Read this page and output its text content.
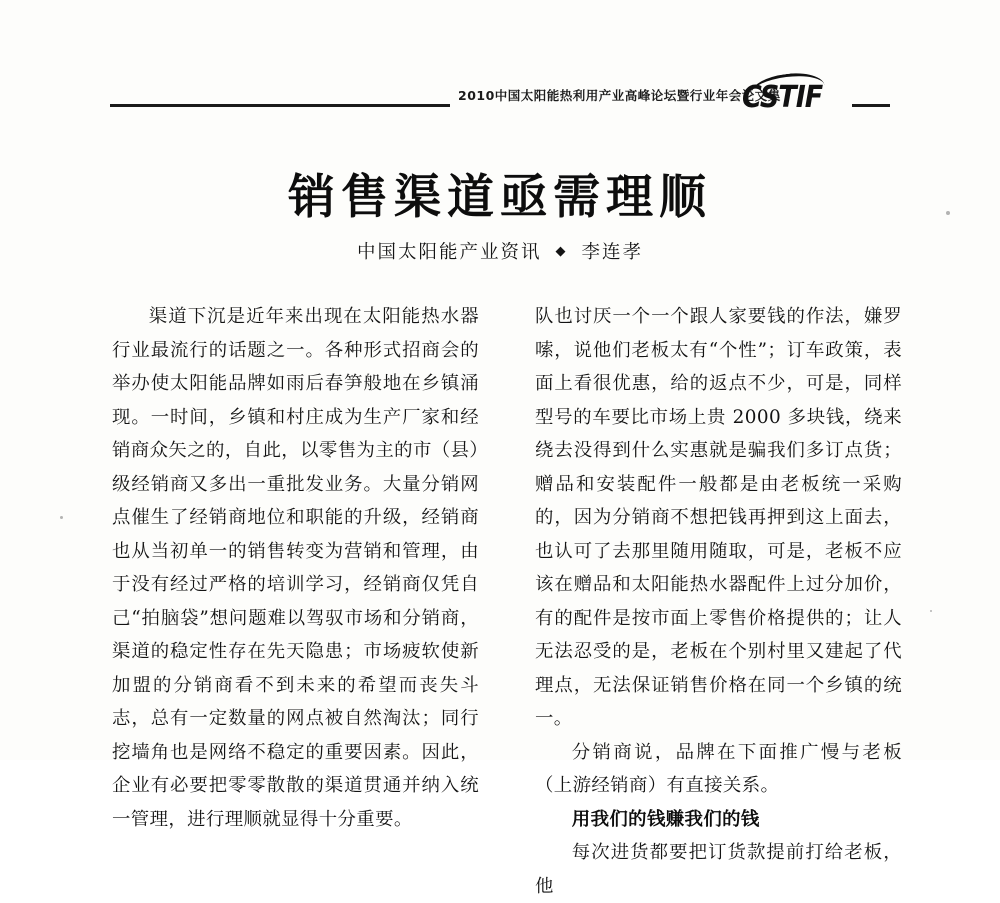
2010中国太阳能热利用产业高峰论坛暨行业年会论文集
CSTIF
销售渠道亟需理顺
中国太阳能产业资讯 ◆ 李连孝

渠道下沉是近年来出现在太阳能热水器行业最流行的话题之一。各种形式招商会的举办使太阳能品牌如雨后春笋般地在乡镇涌现。一时间，乡镇和村庄成为生产厂家和经销商众矢之的，自此，以零售为主的市（县）级经销商又多出一重批发业务。大量分销网点催生了经销商地位和职能的升级，经销商也从当初单一的销售转变为营销和管理，由于没有经过严格的培训学习，经销商仅凭自己“拍脑袋”想问题难以驾驭市场和分销商，渠道的稳定性存在先天隐患；市场疲软使新加盟的分销商看不到未来的希望而丧失斗志，总有一定数量的网点被自然淘汰；同行挖墙角也是网络不稳定的重要因素。因此，企业有必要把零零散散的渠道贯通并纳入统一管理，进行理顺就显得十分重要。

队也讨厌一个一个跟人家要钱的作法，嫌罗嗦，说他们老板太有“个性”；订车政策，表面上看很优惠，给的返点不少，可是，同样型号的车要比市场上贵 2000 多块钱，绕来绕去没得到什么实惠就是骗我们多订点货；赠品和安装配件一般都是由老板统一采购的，因为分销商不想把钱再押到这上面去，也认可了去那里随用随取，可是，老板不应该在赠品和太阳能热水器配件上过分加价，有的配件是按市面上零售价格提供的；让人无法忍受的是，老板在个别村里又建起了代理点，无法保证销售价格在同一个乡镇的统一。

分销商说，品牌在下面推广慢与老板（上游经销商）有直接关系。

用我们的钱赚我们的钱

每次进货都要把订货款提前打给老板，他
